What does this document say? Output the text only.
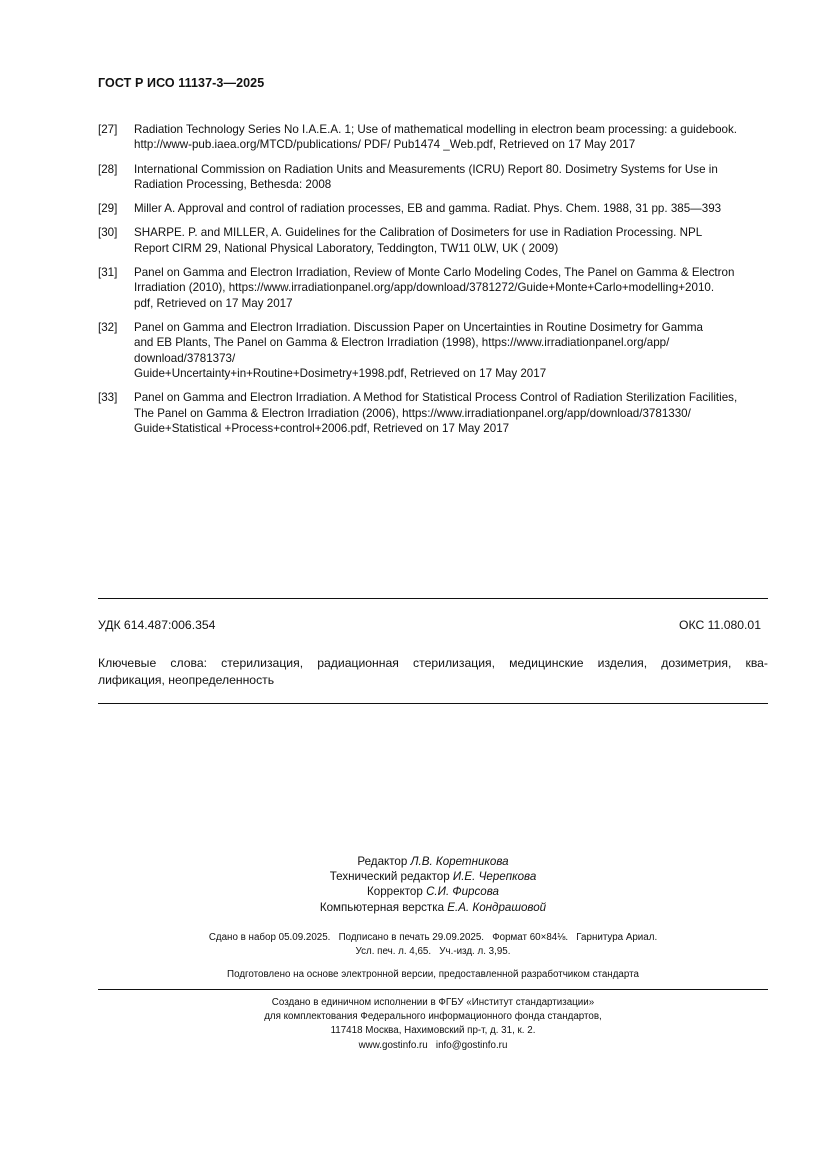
ГОСТ Р ИСО 11137-3—2025
[27]	Radiation Technology Series No I.A.E.A. 1; Use of mathematical modelling in electron beam processing: a guidebook.
http://www-pub.iaea.org/MTCD/publications/ PDF/ Pub1474 _Web.pdf, Retrieved on 17 May 2017
[28]	International Commission on Radiation Units and Measurements (ICRU) Report 80. Dosimetry Systems for Use in
Radiation Processing, Bethesda: 2008
[29]	Miller A. Approval and control of radiation processes, EB and gamma. Radiat. Phys. Chem. 1988, 31 pp. 385—393
[30]	SHARPE. P. and MILLER, A. Guidelines for the Calibration of Dosimeters for use in Radiation Processing. NPL
Report CIRM 29, National Physical Laboratory, Teddington, TW11 0LW, UK ( 2009)
[31]	Panel on Gamma and Electron Irradiation, Review of Monte Carlo Modeling Codes, The Panel on Gamma & Electron
Irradiation (2010), https://www.irradiationpanel.org/app/download/3781272/Guide+Monte+Carlo+modelling+2010.
pdf, Retrieved on 17 May 2017
[32]	Panel on Gamma and Electron Irradiation. Discussion Paper on Uncertainties in Routine Dosimetry for Gamma
and EB Plants, The Panel on Gamma & Electron Irradiation (1998), https://www.irradiationpanel.org/app/
download/3781373/
Guide+Uncertainty+in+Routine+Dosimetry+1998.pdf, Retrieved on 17 May 2017
[33]	Panel on Gamma and Electron Irradiation. A Method for Statistical Process Control of Radiation Sterilization Facilities,
The Panel on Gamma & Electron Irradiation (2006), https://www.irradiationpanel.org/app/download/3781330/
Guide+Statistical +Process+control+2006.pdf, Retrieved on 17 May 2017
УДК 614.487:006.354	ОКС 11.080.01
Ключевые слова: стерилизация, радиационная стерилизация, медицинские изделия, дозиметрия, ква-
лификация, неопределенность
Редактор Л.В. Коретникова
Технический редактор И.Е. Черепкова
Корректор С.И. Фирсова
Компьютерная верстка Е.А. Кондрашовой
Сдано в набор 05.09.2025.   Подписано в печать 29.09.2025.   Формат 60×84⅛.   Гарнитура Ариал.
Усл. печ. л. 4,65.   Уч.-изд. л. 3,95.
Подготовлено на основе электронной версии, предоставленной разработчиком стандарта
Создано в единичном исполнении в ФГБУ «Институт стандартизации»
для комплектования Федерального информационного фонда стандартов,
117418 Москва, Нахимовский пр-т, д. 31, к. 2.
www.gostinfo.ru   info@gostinfo.ru
